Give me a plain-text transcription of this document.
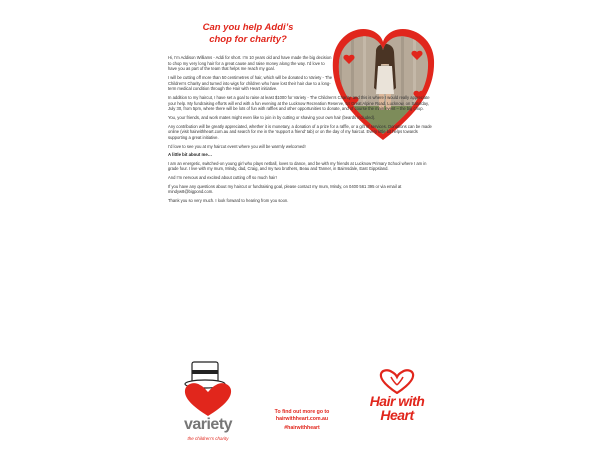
Can you help Addi’s
chop for charity?

Hi, I’m Addison Williams - Addi for short. I’m 10 years old and have made the big decision to chop my very long hair for a great cause and raise money along the way. I’d love to have you as part of the team that helps me reach my goal.

I will be cutting off more than 50 centimetres of hair, which will be donated to Variety - The Children’s Charity and turned into wigs for children who have lost their hair due to a long-term medical condition through the Hair with Heart initiative.

In addition to my haircut, I have set a goal to raise at least $1000 for Variety - The Children’s Charity, and this is where I would really appreciate your help. My fundraising efforts will end with a fun evening at the Lucknow Recreation Reserve, 64 Great Alpine Road, Lucknow, on Saturday, July 30, from 5pm, where there will be lots of fun with raffles and other opportunities to donate, and of course the main event – the big chop.

You, your friends, and work mates might even like to join in by cutting or shaving your own hair (beards included).

Any contribution will be greatly appreciated, whether it is monetary, a donation of a prize for a raffle, or a gift of services. Donations can be made online (visit hairwithheart.com.au and search for me in the ‘support a friend’ tab) or on the day of my haircut. Every little bit helps towards supporting a great initiative.

I’d love to see you at my haircut event where you will be warmly welcomed!

A little bit about me…

I am an energetic, switched-on young girl who plays netball, loves to dance, and be with my friends at Lucknow Primary School where I am in grade four. I live with my mum, Mindy, dad, Craig, and my two brothers, Beau and Tanner, in Bairnsdale, East Gippsland.

And I’m nervous and excited about cutting off so much hair!

If you have any questions about my haircut or fundraising goal, please contact my mum, Mindy, on 0400 561 395 or via email at mindyw8@bigpond.com.

Thank you so very much. I look forward to hearing from you soon.

variety
the children’s charity
To find out more go to
hairwithheart.com.au
#hairwithheart
Hair with
Heart
